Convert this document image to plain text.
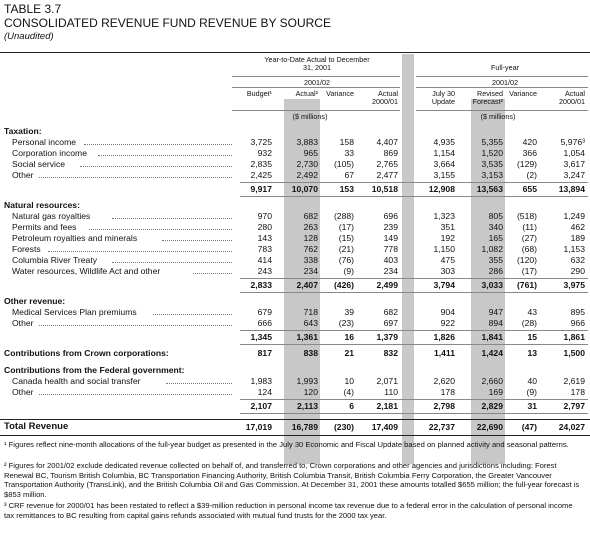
TABLE 3.7
CONSOLIDATED REVENUE FUND REVENUE BY SOURCE
(Unaudited)
Year-to-Date Actual to December 31, 2001
2001/02
Full-year
2001/02
Budget¹	Actual²	Variance	Actual 2000/01
July 30 Update
Revised Forecast²
Variance	Actual 2000/01
($ millions)	($ millions)
Taxation:
Personal income	3,725	3,883	158	4,407	4,935	5,355	420	5,976³
Corporation income	932	965	33	869	1,154	1,520	366	1,054
Social service	2,835	2,730	(105)	2,765	3,664	3,535	(129)	3,617
Other	2,425	2,492	67	2,477	3,155	3,153	(2)	3,247
9,917	10,070	153	10,518	12,908	13,563	655	13,894
Natural resources:
Natural gas royalties	970	682	(288)	696	1,323	805	(518)	1,249
Permits and fees	280	263	(17)	239	351	340	(11)	462
Petroleum royalties and minerals	143	128	(15)	149	192	165	(27)	189
Forests	783	762	(21)	778	1,150	1,082	(68)	1,153
Columbia River Treaty	414	338	(76)	403	475	355	(120)	632
Water resources, Wildlife Act and other	243	234	(9)	234	303	286	(17)	290
2,833	2,407	(426)	2,499	3,794	3,033	(761)	3,975
Other revenue:
Medical Services Plan premiums	679	718	39	682	904	947	43	895
Other	666	643	(23)	697	922	894	(28)	966
1,345	1,361	16	1,379	1,826	1,841	15	1,861
Contributions from Crown corporations:	817	838	21	832	1,411	1,424	13	1,500
Contributions from the Federal government:
Canada health and social transfer	1,983	1,993	10	2,071	2,620	2,660	40	2,619
Other	124	120	(4)	110	178	169	(9)	178
2,107	2,113	6	2,181	2,798	2,829	31	2,797
Total Revenue	17,019	16,789	(230)	17,409	22,737	22,690	(47)	24,027
¹ Figures reflect nine-month allocations of the full-year budget as presented in the July 30 Economic and Fiscal Update based on planned activity and seasonal patterns.
² Figures for 2001/02 exclude dedicated revenue collected on behalf of, and transferred to, Crown corporations and other agencies and jurisdictions including: Forest Renewal BC, Tourism British Columbia, BC Transportation Financing Authority, British Columbia Transit, British Columbia Ferry Corporation, the Greater Vancouver Transportation Authority (TransLink), and the British Columbia Oil and Gas Commission. At December 31, 2001 these amounts totalled $655 million; the full-year forecast is $853 million.
³ CRF revenue for 2000/01 has been restated to reflect a $39-million reduction in personal income tax revenue due to a federal error in the calculation of personal income tax remittances to BC resulting from capital gains refunds associated with mutual fund trusts for the 2000 tax year.
